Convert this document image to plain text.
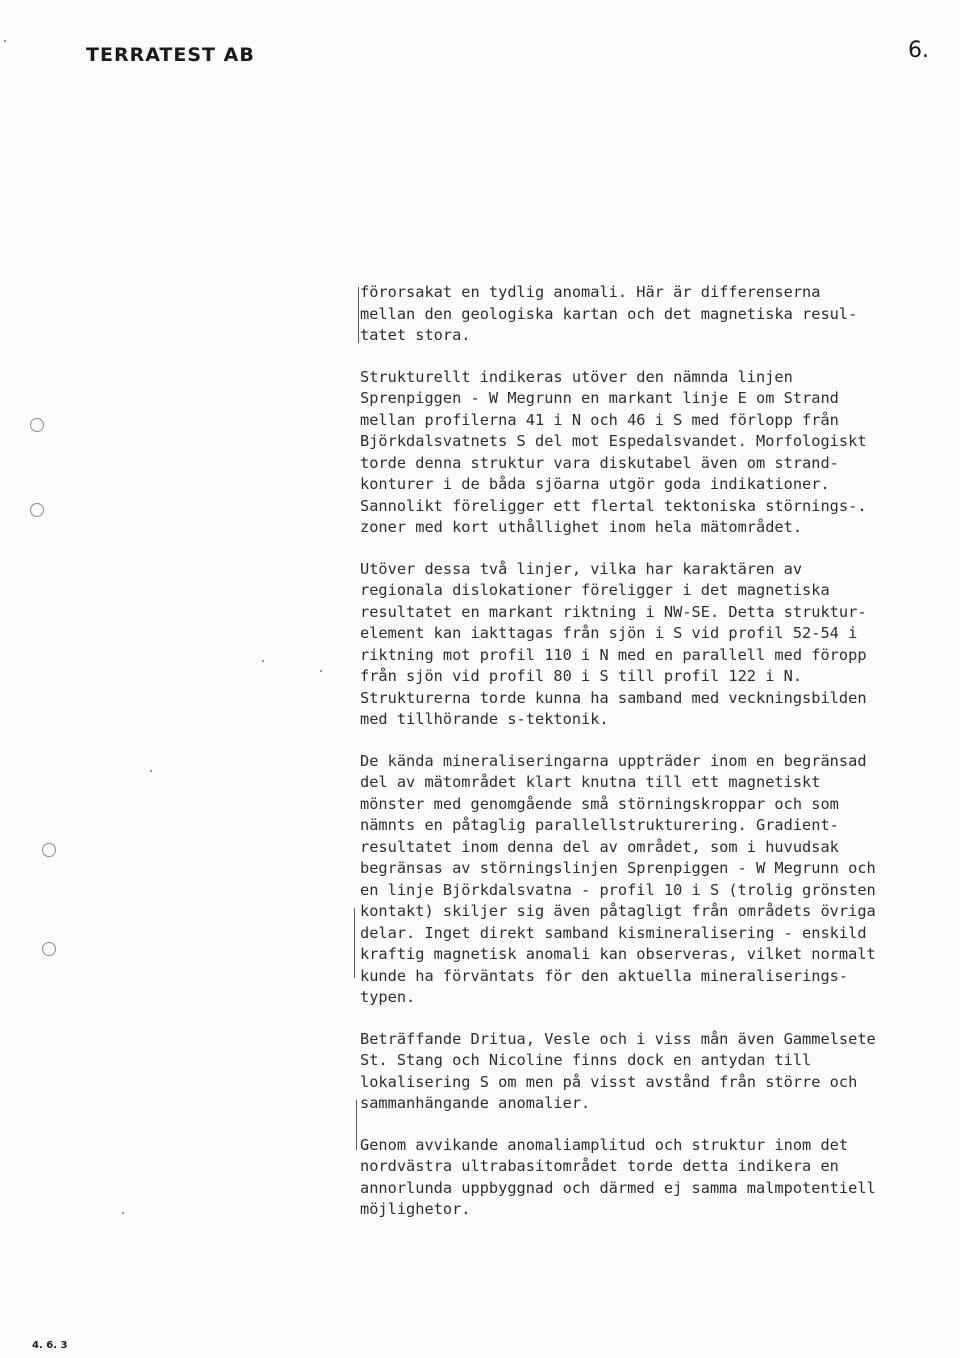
TERRATEST AB	6.
förorsakat en tydlig anomali. Här är differenserna
mellan den geologiska kartan och det magnetiska resul-
tatet stora.
Strukturellt indikeras utöver den nämnda linjen
Sprenpiggen - W Megrunn en markant linje E om Strand
mellan profilerna 41 i N och 46 i S med förlopp från
Björkdalsvatnets S del mot Espedalsvandet. Morfologiskt
torde denna struktur vara diskutabel även om strand-
konturer i de båda sjöarna utgör goda indikationer.
Sannolikt föreligger ett flertal tektoniska störnings-.
zoner med kort uthållighet inom hela mätområdet.
Utöver dessa två linjer, vilka har karaktären av
regionala dislokationer föreligger i det magnetiska
resultatet en markant riktning i NW-SE. Detta struktur-
element kan iakttagas från sjön i S vid profil 52-54 i
riktning mot profil 110 i N med en parallell med föropp
från sjön vid profil 80 i S till profil 122 i N.
Strukturerna torde kunna ha samband med veckningsbilden
med tillhörande s-tektonik.
De kända mineraliseringarna uppträder inom en begränsad
del av mätområdet klart knutna till ett magnetiskt
mönster med genomgående små störningskroppar och som
nämnts en påtaglig parallellstrukturering. Gradient-
resultatet inom denna del av området, som i huvudsak
begränsas av störningslinjen Sprenpiggen - W Megrunn och
en linje Björkdalsvatna - profil 10 i S (trolig grönsten
kontakt) skiljer sig även påtagligt från områdets övriga
delar. Inget direkt samband kismineralisering - enskild
kraftig magnetisk anomali kan observeras, vilket normalt
kunde ha förväntats för den aktuella mineraliserings-
typen.
Beträffande Dritua, Vesle och i viss mån även Gammelsete
St. Stang och Nicoline finns dock en antydan till
lokalisering S om men på visst avstånd från större och
sammanhängande anomalier.
Genom avvikande anomaliamplitud och struktur inom det
nordvästra ultrabasitområdet torde detta indikera en
annorlunda uppbyggnad och därmed ej samma malmpotentiell
möjlighetor.
4. 6. 3
